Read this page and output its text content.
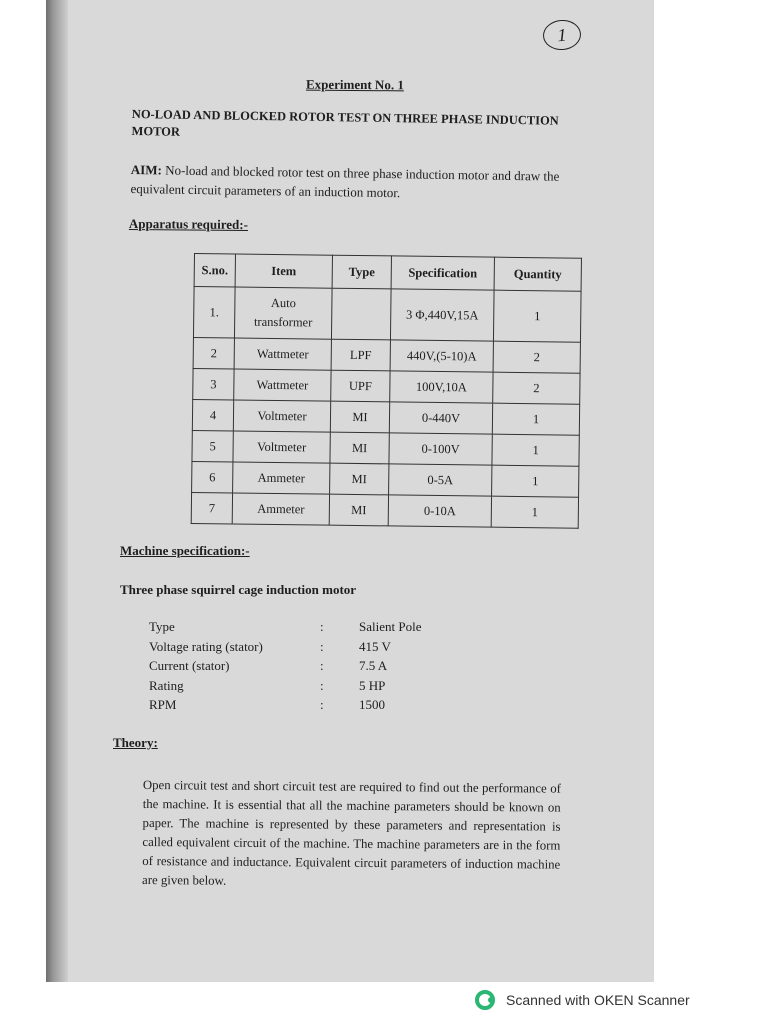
1
Experiment No. 1
NO-LOAD AND BLOCKED ROTOR TEST ON THREE PHASE INDUCTION MOTOR
AIM: No-load and blocked rotor test on three phase induction motor and draw the equivalent circuit parameters of an induction motor.
Apparatus required:-
S.no.	Item	Type	Specification	Quantity
1.	Auto transformer		3 Φ,440V,15A	1
2	Wattmeter	LPF	440V,(5-10)A	2
3	Wattmeter	UPF	100V,10A	2
4	Voltmeter	MI	0-440V	1
5	Voltmeter	MI	0-100V	1
6	Ammeter	MI	0-5A	1
7	Ammeter	MI	0-10A	1
Machine specification:-
Three phase squirrel cage induction motor
Type	:	Salient Pole
Voltage rating (stator)	:	415 V
Current (stator)	:	7.5 A
Rating	:	5 HP
RPM	:	1500
Theory:
Open circuit test and short circuit test are required to find out the performance of the machine. It is essential that all the machine parameters should be known on paper. The machine is represented by these parameters and representation is called equivalent circuit of the machine. The machine parameters are in the form of resistance and inductance. Equivalent circuit parameters of induction machine are given below.
Scanned with OKEN Scanner
